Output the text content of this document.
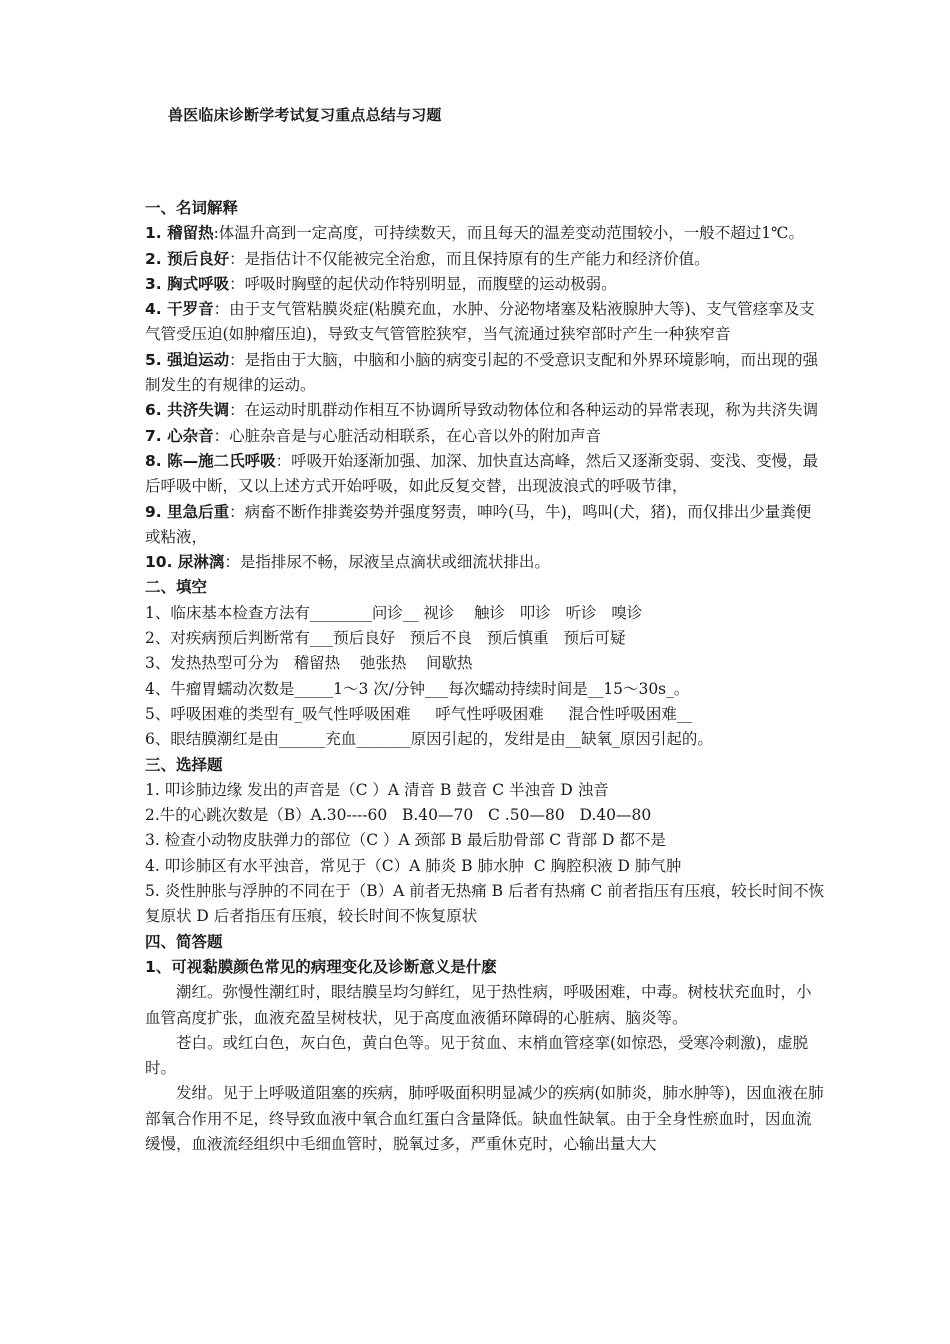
兽医临床诊断学考试复习重点总结与习题

一、名词解释

1. 稽留热:体温升高到一定高度，可持续数天，而且每天的温差变动范围较小，一般不超过1℃。

2. 预后良好：是指估计不仅能被完全治愈，而且保持原有的生产能力和经济价值。

3. 胸式呼吸：呼吸时胸壁的起伏动作特别明显，而腹壁的运动极弱。

4. 干罗音：由于支气管粘膜炎症(粘膜充血，水肿、分泌物堵塞及粘液腺肿大等)、支气管痉挛及支气管受压迫(如肿瘤压迫)，导致支气管管腔狭窄，当气流通过狭窄部时产生一种狭窄音

5. 强迫运动：是指由于大脑，中脑和小脑的病变引起的不受意识支配和外界环境影响，而出现的强制发生的有规律的运动。

6. 共济失调：在运动时肌群动作相互不协调所导致动物体位和各种运动的异常表现，称为共济失调

7. 心杂音：心脏杂音是与心脏活动相联系，在心音以外的附加声音

8. 陈—施二氏呼吸：呼吸开始逐渐加强、加深、加快直达高峰，然后又逐渐变弱、变浅、变慢，最后呼吸中断，又以上述方式开始呼吸，如此反复交替，出现波浪式的呼吸节律，

9. 里急后重：病畜不断作排粪姿势并强度努责，呻吟(马，牛)，鸣叫(犬，猪)，而仅排出少量粪便或粘液，

10. 尿淋漓：是指排尿不畅，尿液呈点滴状或细流状排出。

二、填空

1、临床基本检查方法有________问诊__ 视诊    触诊   叩诊   听诊   嗅诊

2、对疾病预后判断常有___预后良好   预后不良   预后慎重   预后可疑

3、发热热型可分为   稽留热    弛张热    间歇热

4、牛瘤胃蠕动次数是_____1～3 次/分钟___每次蠕动持续时间是__15～30s_。

5、呼吸困难的类型有_吸气性呼吸困难     呼气性呼吸困难     混合性呼吸困难__

6、眼结膜潮红是由______充血_______原因引起的，发绀是由__缺氧_原因引起的。

三、选择题

1. 叩诊肺边缘 发出的声音是（C ）A 清音 B 鼓音 C 半浊音 D 浊音

2.牛的心跳次数是（B）A.30----60   B.40—70   C .50—80   D.40—80

3. 检查小动物皮肤弹力的部位（C ）A 颈部 B 最后肋骨部 C 背部 D 都不是

4. 叩诊肺区有水平浊音，常见于（C）A 肺炎 B 肺水肿  C 胸腔积液 D 肺气肿

5. 炎性肿胀与浮肿的不同在于（B）A 前者无热痛 B 后者有热痛 C 前者指压有压痕，较长时间不恢复原状 D 后者指压有压痕，较长时间不恢复原状

四、简答题

1、可视黏膜颜色常见的病理变化及诊断意义是什麽

潮红。弥慢性潮红时，眼结膜呈均匀鲜红，见于热性病，呼吸困难，中毒。树枝状充血时，小血管高度扩张，血液充盈呈树枝状，见于高度血液循环障碍的心脏病、脑炎等。

苍白。或红白色，灰白色，黄白色等。见于贫血、末梢血管痉挛(如惊恐，受寒冷刺激)，虚脱时。

发绀。见于上呼吸道阻塞的疾病，肺呼吸面积明显减少的疾病(如肺炎，肺水肿等)，因血液在肺部氧合作用不足，终导致血液中氧合血红蛋白含量降低。缺血性缺氧。由于全身性瘀血时，因血流缓慢，血液流经组织中毛细血管时，脱氧过多，严重休克时，心输出量大大
